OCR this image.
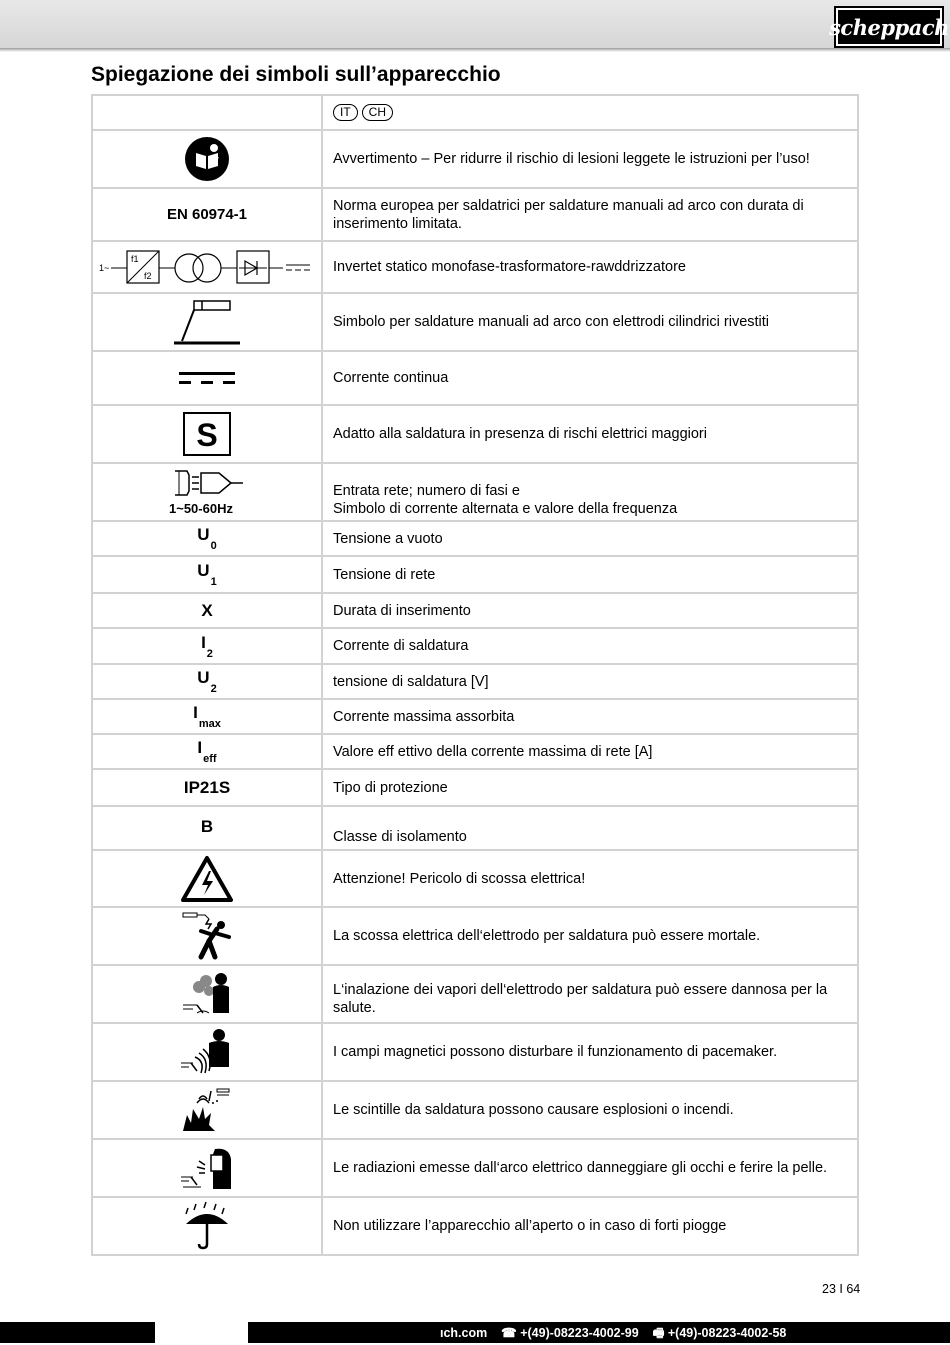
scheppach
Spiegazione dei simboli sull’apparecchio

	IT CH

	Avvertimento – Per ridurre il rischio di lesioni leggete le istruzioni per l’uso!
EN 60974-1	Norma europea per saldatrici per saldature manuali ad arco con durata di inserimento limitata.

1~
f1
f2	Invertet statico monofase-trasformatore-rawddrizzatore

	Simbolo per saldature manuali ad arco con elettrodi cilindrici rivestiti

	Corrente continua

S	Adatto alla saldatura in presenza di rischi elettrici maggiori

1~50-60Hz	Entrata rete; numero di fasi e
Simbolo di corrente alternata e valore della frequenza
$U_0$	Tensione a vuoto
$U_1$	Tensione di rete
X	Durata di inserimento
$I_2$	Corrente di saldatura
$U_2$	tensione di saldatura [V]
$I_{max}$	Corrente massima assorbita
$I_{eff}$	Valore eff ettivo della corrente massima di rete [A]
IP21S	Tipo di protezione
B	Classe di isolamento

	Attenzione! Pericolo di scossa elettrica!

	La scossa elettrica dell‘elettrodo per saldatura può essere mortale.

	L‘inalazione dei vapori dell‘elettrodo per saldatura può essere dannosa per la salute.

	I campi magnetici possono disturbare il funzionamento di pacemaker.

	Le scintille da saldatura possono causare esplosioni o incendi.

	Le radiazioni emesse dall‘arco elettrico danneggiare gli occhi e ferire la pelle.

	Non utilizzare l’apparecchio all’aperto o in caso di forti piogge
23 I 64
ıch.com ☎ +(49)-08223-4002-99 🖷 +(49)-08223-4002-58
